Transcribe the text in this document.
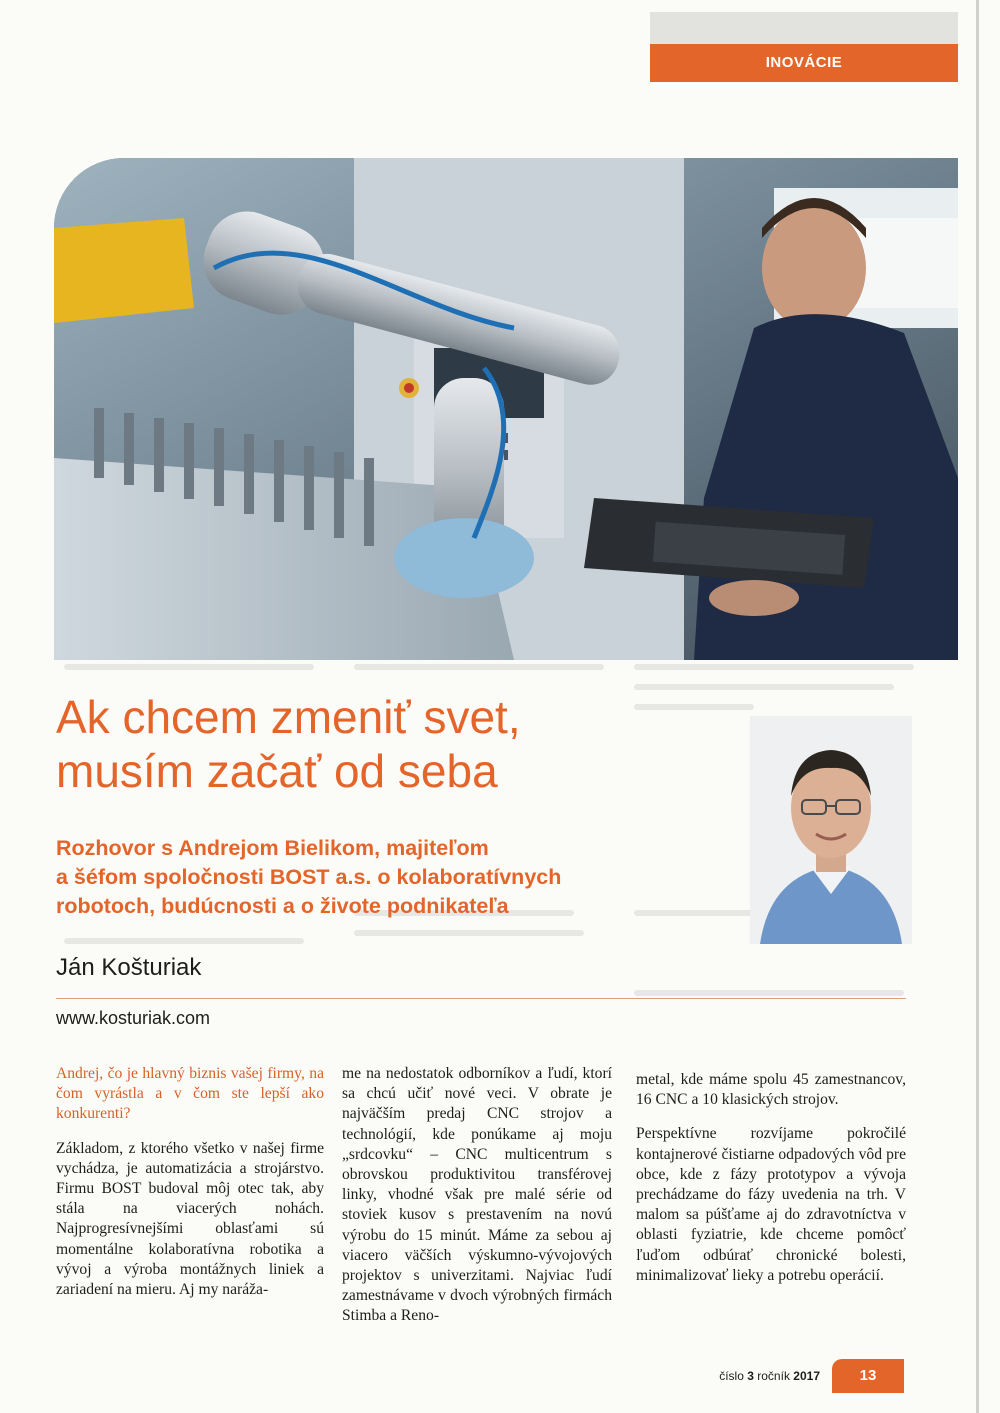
INOVÁCIE
Ak chcem zmeniť svet,
musím začať od seba
Rozhovor s Andrejom Bielikom, majiteľom
a šéfom spoločnosti BOST a.s. o kolaboratívnych
robotoch, budúcnosti a o živote podnikateľa

Ján Košturiak

www.kosturiak.com

Andrej, čo je hlavný biznis vašej firmy, na čom vyrástla a v čom ste lepší ako konkurenti?

Základom, z ktorého všetko v našej firme vychádza, je automatizácia a strojárstvo. Firmu BOST budoval môj otec tak, aby stála na viacerých nohách. Najprogresívnejšími oblasťami sú momentálne kolaboratívna robotika a vývoj a výroba montážnych liniek a zariadení na mieru. Aj my naráža-

me na nedostatok odborníkov a ľudí, ktorí sa chcú učiť nové veci. V obrate je najväčším predaj CNC strojov a technológií, kde ponúkame aj moju „srdcovku“ – CNC multicentrum s obrovskou produktivitou transférovej linky, vhodné však pre malé série od stoviek kusov s prestavením na novú výrobu do 15 minút. Máme za sebou aj viacero väčších výskumno-vývojových projektov s univerzitami. Najviac ľudí zamestnávame v dvoch výrobných firmách Stimba a Reno-

metal, kde máme spolu 45 zamestnancov, 16 CNC a 10 klasických strojov.

Perspektívne rozvíjame pokročilé kontajnerové čistiarne odpadových vôd pre obce, kde z fázy prototypov a vývoja prechádzame do fázy uvedenia na trh. V malom sa púšťame aj do zdravotníctva v oblasti fyziatrie, kde chceme pomôcť ľuďom odbúrať chronické bolesti, minimalizovať lieky a potrebu operácií.

číslo 3 ročník 2017	13
